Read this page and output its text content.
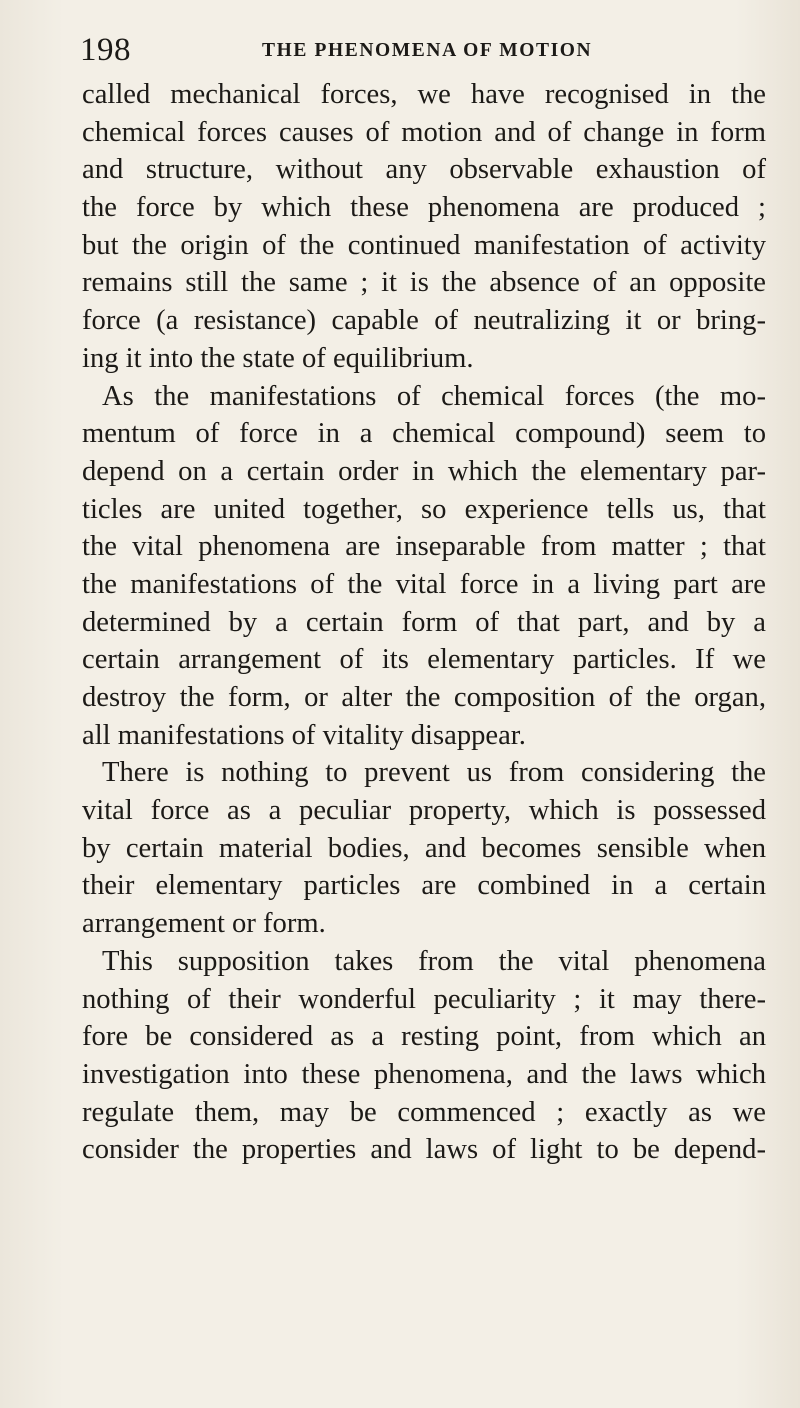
198	THE PHENOMENA OF MOTION
called mechanical forces, we have recognised in the
chemical forces causes of motion and of change in form
and structure, without any observable exhaustion of
the force by which these phenomena are produced ;
but the origin of the continued manifestation of activity
remains still the same ; it is the absence of an opposite
force (a resistance) capable of neutralizing it or bring-
ing it into the state of equilibrium.
As the manifestations of chemical forces (the mo-
mentum of force in a chemical compound) seem to
depend on a certain order in which the elementary par-
ticles are united together, so experience tells us, that
the vital phenomena are inseparable from matter ; that
the manifestations of the vital force in a living part are
determined by a certain form of that part, and by a
certain arrangement of its elementary particles. If we
destroy the form, or alter the composition of the organ,
all manifestations of vitality disappear.
There is nothing to prevent us from considering the
vital force as a peculiar property, which is possessed
by certain material bodies, and becomes sensible when
their elementary particles are combined in a certain
arrangement or form.
This supposition takes from the vital phenomena
nothing of their wonderful peculiarity ; it may there-
fore be considered as a resting point, from which an
investigation into these phenomena, and the laws which
regulate them, may be commenced ; exactly as we
consider the properties and laws of light to be depend-
